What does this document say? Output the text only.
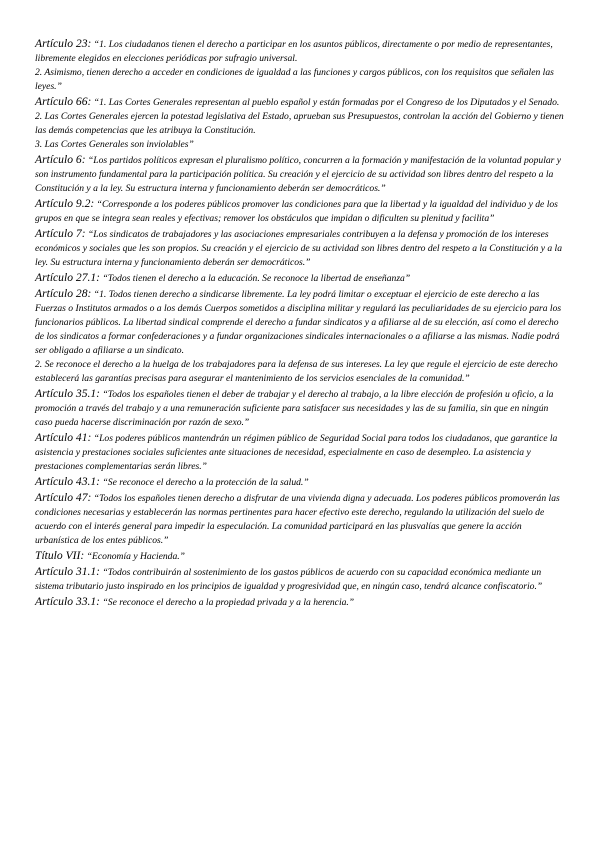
Artículo 23: “1. Los ciudadanos tienen el derecho a participar en los asuntos públicos, directamente o por medio de representantes, libremente elegidos en elecciones periódicas por sufragio universal.

2. Asimismo, tienen derecho a acceder en condiciones de igualdad a las funciones y cargos públicos, con los requisitos que señalen las leyes.”

Artículo 66: “1. Las Cortes Generales representan al pueblo español y están formadas por el Congreso de los Diputados y el Senado.

2. Las Cortes Generales ejercen la potestad legislativa del Estado, aprueban sus Presupuestos, controlan la acción del Gobierno y tienen las demás competencias que les atribuya la Constitución.

3. Las Cortes Generales son inviolables”

Artículo 6: “Los partidos políticos expresan el pluralismo político, concurren a la formación y manifestación de la voluntad popular y son instrumento fundamental para la participación política. Su creación y el ejercicio de su actividad son libres dentro del respeto a la Constitución y a la ley. Su estructura interna y funcionamiento deberán ser democráticos.”

Artículo 9.2: “Corresponde a los poderes públicos promover las condiciones para que la libertad y la igualdad del individuo y de los grupos en que se integra sean reales y efectivas; remover los obstáculos que impidan o dificulten su plenitud y facilita”

Artículo 7: “Los sindicatos de trabajadores y las asociaciones empresariales contribuyen a la defensa y promoción de los intereses económicos y sociales que les son propios. Su creación y el ejercicio de su actividad son libres dentro del respeto a la Constitución y a la ley. Su estructura interna y funcionamiento deberán ser democráticos.”

Artículo 27.1: “Todos tienen el derecho a la educación. Se reconoce la libertad de enseñanza”

Artículo 28: “1. Todos tienen derecho a sindicarse libremente. La ley podrá limitar o exceptuar el ejercicio de este derecho a las Fuerzas o Institutos armados o a los demás Cuerpos sometidos a disciplina militar y regulará las peculiaridades de su ejercicio para los funcionarios públicos. La libertad sindical comprende el derecho a fundar sindicatos y a afiliarse al de su elección, así como el derecho de los sindicatos a formar confederaciones y a fundar organizaciones sindicales internacionales o a afiliarse a las mismas. Nadie podrá ser obligado a afiliarse a un sindicato.

2. Se reconoce el derecho a la huelga de los trabajadores para la defensa de sus intereses. La ley que regule el ejercicio de este derecho establecerá las garantías precisas para asegurar el mantenimiento de los servicios esenciales de la comunidad.”

Artículo 35.1: “Todos los españoles tienen el deber de trabajar y el derecho al trabajo, a la libre elección de profesión u oficio, a la promoción a través del trabajo y a una remuneración suficiente para satisfacer sus necesidades y las de su familia, sin que en ningún caso pueda hacerse discriminación por razón de sexo.”

Artículo 41: “Los poderes públicos mantendrán un régimen público de Seguridad Social para todos los ciudadanos, que garantice la asistencia y prestaciones sociales suficientes ante situaciones de necesidad, especialmente en caso de desempleo. La asistencia y prestaciones complementarias serán libres.”

Artículo 43.1: “Se reconoce el derecho a la protección de la salud.”

Artículo 47: “Todos los españoles tienen derecho a disfrutar de una vivienda digna y adecuada. Los poderes públicos promoverán las condiciones necesarias y establecerán las normas pertinentes para hacer efectivo este derecho, regulando la utilización del suelo de acuerdo con el interés general para impedir la especulación. La comunidad participará en las plusvalías que genere la acción urbanística de los entes públicos.”

Título VII: “Economía y Hacienda.”

Artículo 31.1: “Todos contribuirán al sostenimiento de los gastos públicos de acuerdo con su capacidad económica mediante un sistema tributario justo inspirado en los principios de igualdad y progresividad que, en ningún caso, tendrá alcance confiscatorio.”

Artículo 33.1: “Se reconoce el derecho a la propiedad privada y a la herencia.”
